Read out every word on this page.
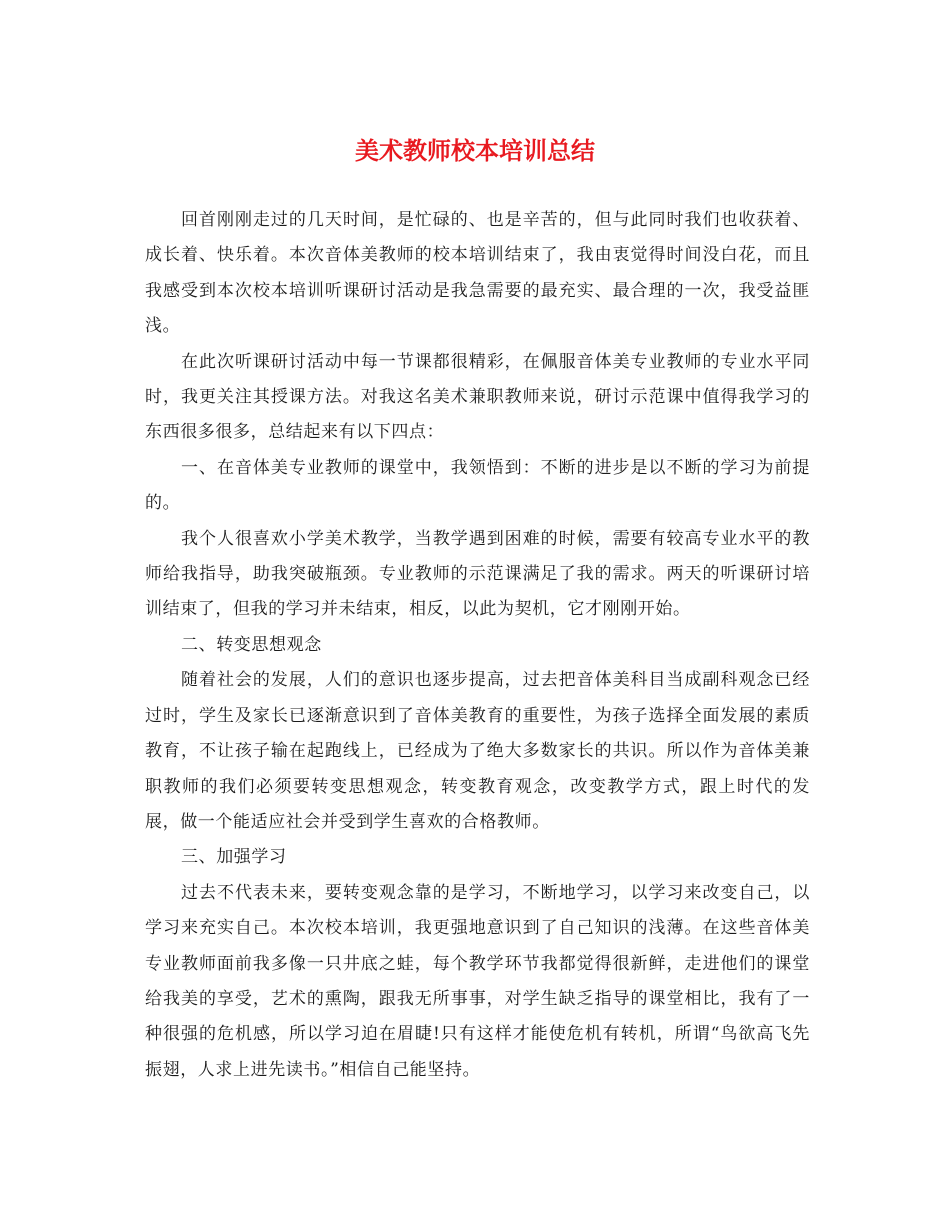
美术教师校本培训总结

回首刚刚走过的几天时间，是忙碌的、也是辛苦的，但与此同时我们也收获着、成长着、快乐着。本次音体美教师的校本培训结束了，我由衷觉得时间没白花，而且我感受到本次校本培训听课研讨活动是我急需要的最充实、最合理的一次，我受益匪浅。

在此次听课研讨活动中每一节课都很精彩，在佩服音体美专业教师的专业水平同时，我更关注其授课方法。对我这名美术兼职教师来说，研讨示范课中值得我学习的东西很多很多，总结起来有以下四点：

一、在音体美专业教师的课堂中，我领悟到：不断的进步是以不断的学习为前提的。

我个人很喜欢小学美术教学，当教学遇到困难的时候，需要有较高专业水平的教师给我指导，助我突破瓶颈。专业教师的示范课满足了我的需求。两天的听课研讨培训结束了，但我的学习并未结束，相反，以此为契机，它才刚刚开始。

二、转变思想观念

随着社会的发展，人们的意识也逐步提高，过去把音体美科目当成副科观念已经过时，学生及家长已逐渐意识到了音体美教育的重要性，为孩子选择全面发展的素质教育，不让孩子输在起跑线上，已经成为了绝大多数家长的共识。所以作为音体美兼职教师的我们必须要转变思想观念，转变教育观念，改变教学方式，跟上时代的发展，做一个能适应社会并受到学生喜欢的合格教师。

三、加强学习

过去不代表未来，要转变观念靠的是学习，不断地学习，以学习来改变自己，以学习来充实自己。本次校本培训，我更强地意识到了自己知识的浅薄。在这些音体美专业教师面前我多像一只井底之蛙，每个教学环节我都觉得很新鲜，走进他们的课堂给我美的享受，艺术的熏陶，跟我无所事事，对学生缺乏指导的课堂相比，我有了一种很强的危机感，所以学习迫在眉睫!只有这样才能使危机有转机，所谓“鸟欲高飞先振翅，人求上进先读书。”相信自己能坚持。
